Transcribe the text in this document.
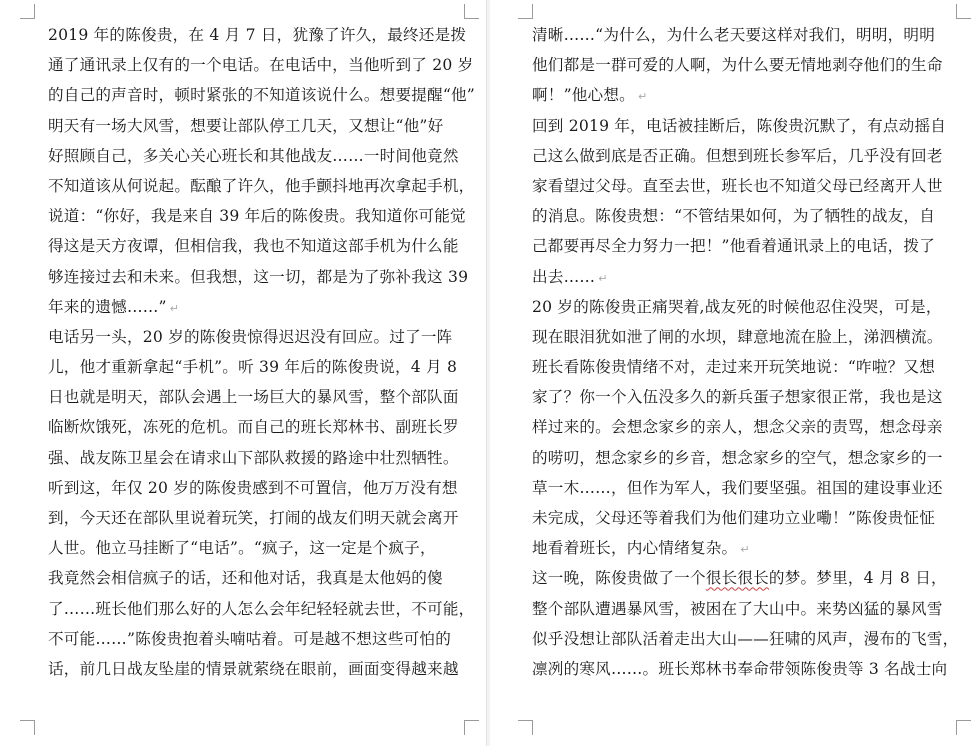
2019 年的陈俊贵，在 4 月 7 日，犹豫了许久，最终还是拨
通了通讯录上仅有的一个电话。在电话中，当他听到了 20 岁
的自己的声音时，顿时紧张的不知道该说什么。想要提醒“他”
明天有一场大风雪，想要让部队停工几天，又想让“他”好
好照顾自己，多关心关心班长和其他战友……一时间他竟然
不知道该从何说起。酝酿了许久，他手颤抖地再次拿起手机，
说道：“你好，我是来自 39 年后的陈俊贵。我知道你可能觉
得这是天方夜谭，但相信我，我也不知道这部手机为什么能
够连接过去和未来。但我想，这一切，都是为了弥补我这 39
年来的遗憾……” ↵
电话另一头，20 岁的陈俊贵惊得迟迟没有回应。过了一阵
儿，他才重新拿起“手机”。听 39 年后的陈俊贵说，4 月 8
日也就是明天，部队会遇上一场巨大的暴风雪，整个部队面
临断炊饿死，冻死的危机。而自己的班长郑林书、副班长罗
强、战友陈卫星会在请求山下部队救援的路途中壮烈牺牲。
听到这，年仅 20 岁的陈俊贵感到不可置信，他万万没有想
到，今天还在部队里说着玩笑，打闹的战友们明天就会离开
人世。他立马挂断了“电话”。“疯子，这一定是个疯子，
我竟然会相信疯子的话，还和他对话，我真是太他妈的傻
了……班长他们那么好的人怎么会年纪轻轻就去世，不可能，
不可能……”陈俊贵抱着头喃咕着。可是越不想这些可怕的
话，前几日战友坠崖的情景就萦绕在眼前，画面变得越来越
清晰……“为什么，为什么老天要这样对我们，明明，明明
他们都是一群可爱的人啊，为什么要无情地剥夺他们的生命
啊！”他心想。 ↵
回到 2019 年，电话被挂断后，陈俊贵沉默了，有点动摇自
己这么做到底是否正确。但想到班长参军后，几乎没有回老
家看望过父母。直至去世，班长也不知道父母已经离开人世
的消息。陈俊贵想：“不管结果如何，为了牺牲的战友，自
己都要再尽全力努力一把！”他看着通讯录上的电话，拨了
出去…… ↵
20 岁的陈俊贵正痛哭着,战友死的时候他忍住没哭，可是，
现在眼泪犹如泄了闸的水坝，肆意地流在脸上，涕泗横流。
班长看陈俊贵情绪不对，走过来开玩笑地说：“咋啦？又想
家了？你一个入伍没多久的新兵蛋子想家很正常，我也是这
样过来的。会想念家乡的亲人，想念父亲的责骂，想念母亲
的唠叨，想念家乡的乡音，想念家乡的空气，想念家乡的一
草一木……，但作为军人，我们要坚强。祖国的建设事业还
未完成，父母还等着我们为他们建功立业嘞！”陈俊贵怔怔
地看着班长，内心情绪复杂。 ↵
这一晚，陈俊贵做了一个很长很长的梦。梦里，4 月 8 日，
整个部队遭遇暴风雪，被困在了大山中。来势凶猛的暴风雪
似乎没想让部队活着走出大山——狂啸的风声，漫布的飞雪，
凛冽的寒风……。班长郑林书奉命带领陈俊贵等 3 名战士向
